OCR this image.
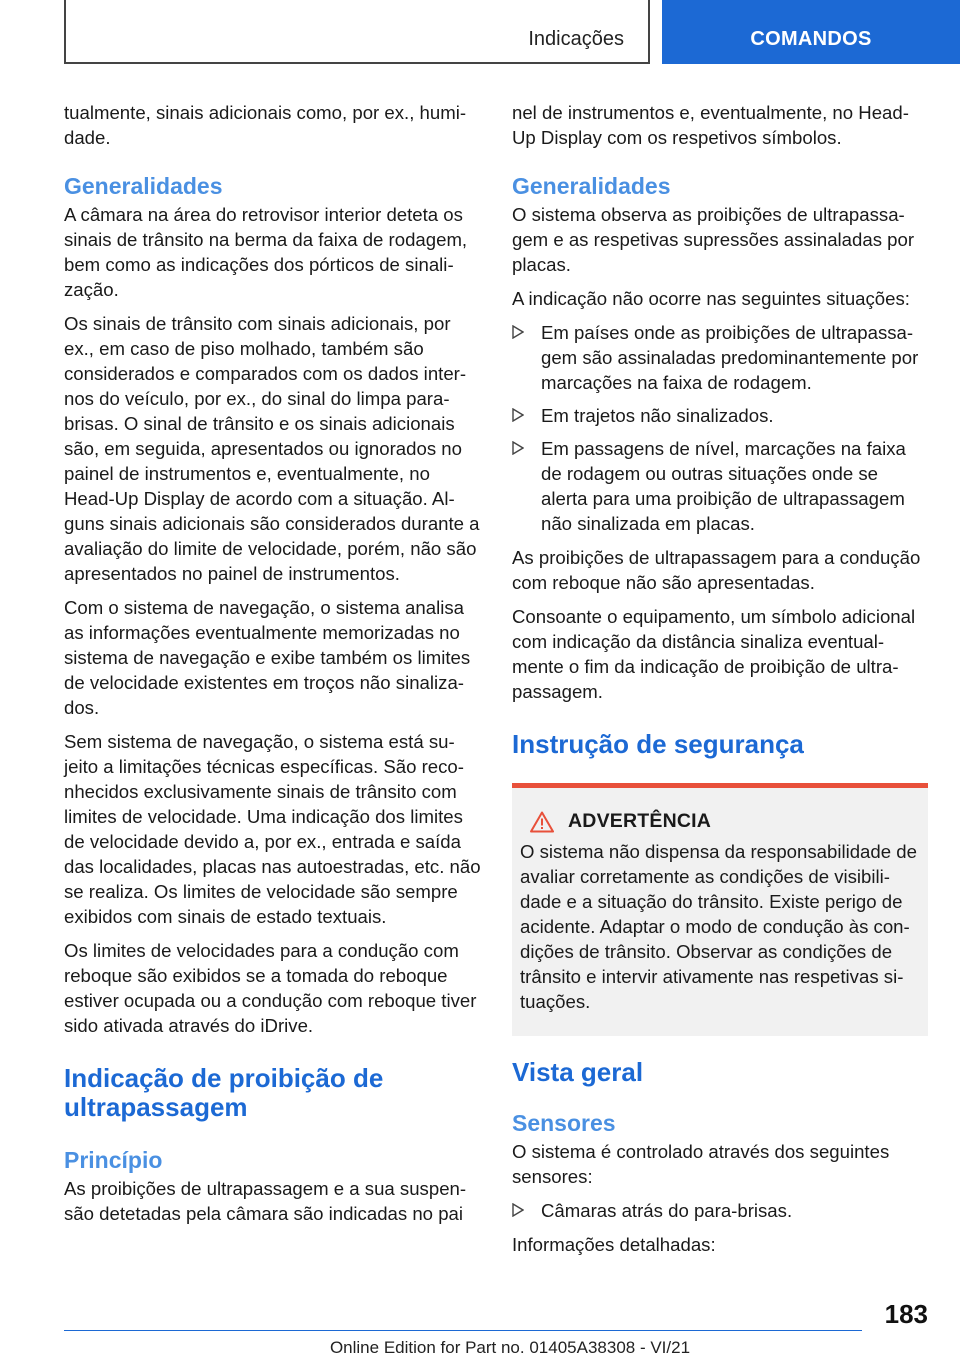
Indicações	COMANDOS

tualmente, sinais adicionais como, por ex., humidade.

Generalidades

A câmara na área do retrovisor interior deteta os sinais de trânsito na berma da faixa de rodagem, bem como as indicações dos pórticos de sinalização.

Os sinais de trânsito com sinais adicionais, por ex., em caso de piso molhado, também são considerados e comparados com os dados internos do veículo, por ex., do sinal do limpa para-brisas. O sinal de trânsito e os sinais adicionais são, em seguida, apresentados ou ignorados no painel de instrumentos e, eventualmente, no Head-Up Display de acordo com a situação. Alguns sinais adicionais são considerados durante a avaliação do limite de velocidade, porém, não são apresentados no painel de instrumentos.

Com o sistema de navegação, o sistema analisa as informações eventualmente memorizadas no sistema de navegação e exibe também os limites de velocidade existentes em troços não sinalizados.

Sem sistema de navegação, o sistema está sujeito a limitações técnicas específicas. São reconhecidos exclusivamente sinais de trânsito com limites de velocidade. Uma indicação dos limites de velocidade devido a, por ex., entrada e saída das localidades, placas nas autoestradas, etc. não se realiza. Os limites de velocidade são sempre exibidos com sinais de estado textuais.

Os limites de velocidades para a condução com reboque são exibidos se a tomada do reboque estiver ocupada ou a condução com reboque tiver sido ativada através do iDrive.

Indicação de proibição de ultrapassagem
Princípio

As proibições de ultrapassagem e a sua suspensão detetadas pela câmara são indicadas no pai

nel de instrumentos e, eventualmente, no Head-Up Display com os respetivos símbolos.

Generalidades

O sistema observa as proibições de ultrapassagem e as respetivas supressões assinaladas por placas.

A indicação não ocorre nas seguintes situações:

Em países onde as proibições de ultrapassagem são assinaladas predominantemente por marcações na faixa de rodagem.
Em trajetos não sinalizados.
Em passagens de nível, marcações na faixa de rodagem ou outras situações onde se alerta para uma proibição de ultrapassagem não sinalizada em placas.

As proibições de ultrapassagem para a condução com reboque não são apresentadas.

Consoante o equipamento, um símbolo adicional com indicação da distância sinaliza eventualmente o fim da indicação de proibição de ultrapassagem.

Instrução de segurança
ADVERTÊNCIA

O sistema não dispensa da responsabilidade de avaliar corretamente as condições de visibilidade e a situação do trânsito. Existe perigo de acidente. Adaptar o modo de condução às condições de trânsito. Observar as condições de trânsito e intervir ativamente nas respetivas situações.

Vista geral
Sensores

O sistema é controlado através dos seguintes sensores:

Câmaras atrás do para-brisas.

Informações detalhadas:

183
Online Edition for Part no. 01405A38308 - VI/21
